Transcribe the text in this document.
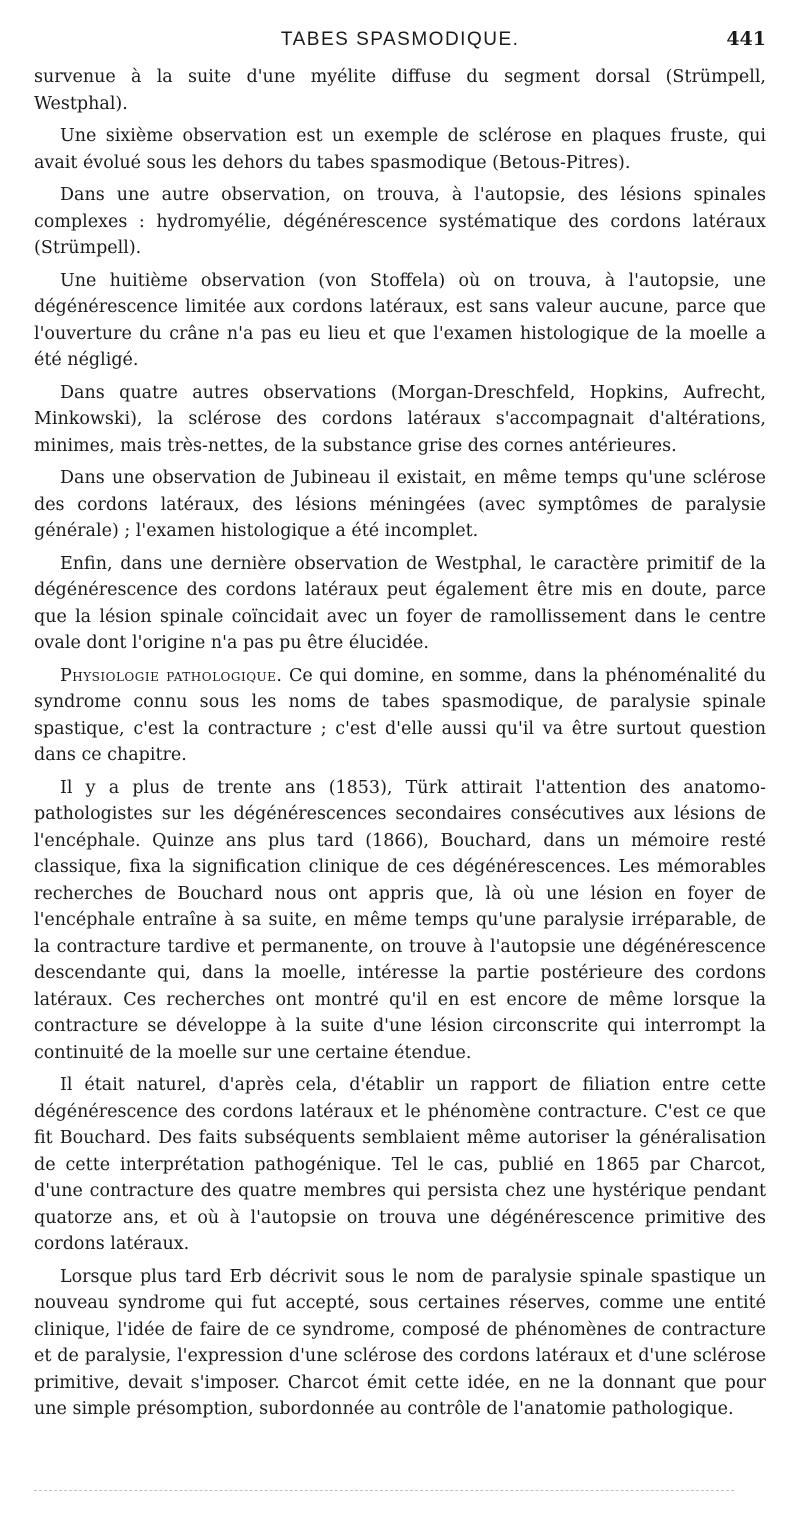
TABES SPASMODIQUE.	441

survenue à la suite d'une myélite diffuse du segment dorsal (Strümpell, Westphal).

Une sixième observation est un exemple de sclérose en plaques fruste, qui avait évolué sous les dehors du tabes spasmodique (Betous-Pitres).

Dans une autre observation, on trouva, à l'autopsie, des lésions spinales complexes : hydromyélie, dégénérescence systématique des cordons latéraux (Strümpell).

Une huitième observation (von Stoffela) où on trouva, à l'autopsie, une dégénérescence limitée aux cordons latéraux, est sans valeur aucune, parce que l'ouverture du crâne n'a pas eu lieu et que l'examen histologique de la moelle a été négligé.

Dans quatre autres observations (Morgan-Dreschfeld, Hopkins, Aufrecht, Minkowski), la sclérose des cordons latéraux s'accompagnait d'altérations, minimes, mais très-nettes, de la substance grise des cornes antérieures.

Dans une observation de Jubineau il existait, en même temps qu'une sclérose des cordons latéraux, des lésions méningées (avec symptômes de paralysie générale) ; l'examen histologique a été incomplet.

Enfin, dans une dernière observation de Westphal, le caractère primitif de la dégénérescence des cordons latéraux peut également être mis en doute, parce que la lésion spinale coïncidait avec un foyer de ramollissement dans le centre ovale dont l'origine n'a pas pu être élucidée.

Physiologie pathologique. Ce qui domine, en somme, dans la phénoménalité du syndrome connu sous les noms de tabes spasmodique, de paralysie spinale spastique, c'est la contracture ; c'est d'elle aussi qu'il va être surtout question dans ce chapitre.

Il y a plus de trente ans (1853), Türk attirait l'attention des anatomo-pathologistes sur les dégénérescences secondaires consécutives aux lésions de l'encéphale. Quinze ans plus tard (1866), Bouchard, dans un mémoire resté classique, fixa la signification clinique de ces dégénérescences. Les mémorables recherches de Bouchard nous ont appris que, là où une lésion en foyer de l'encéphale entraîne à sa suite, en même temps qu'une paralysie irréparable, de la contracture tardive et permanente, on trouve à l'autopsie une dégénérescence descendante qui, dans la moelle, intéresse la partie postérieure des cordons latéraux. Ces recherches ont montré qu'il en est encore de même lorsque la contracture se développe à la suite d'une lésion circonscrite qui interrompt la continuité de la moelle sur une certaine étendue.

Il était naturel, d'après cela, d'établir un rapport de filiation entre cette dégénérescence des cordons latéraux et le phénomène contracture. C'est ce que fit Bouchard. Des faits subséquents semblaient même autoriser la généralisation de cette interprétation pathogénique. Tel le cas, publié en 1865 par Charcot, d'une contracture des quatre membres qui persista chez une hystérique pendant quatorze ans, et où à l'autopsie on trouva une dégénérescence primitive des cordons latéraux.

Lorsque plus tard Erb décrivit sous le nom de paralysie spinale spastique un nouveau syndrome qui fut accepté, sous certaines réserves, comme une entité clinique, l'idée de faire de ce syndrome, composé de phénomènes de contracture et de paralysie, l'expression d'une sclérose des cordons latéraux et d'une sclérose primitive, devait s'imposer. Charcot émit cette idée, en ne la donnant que pour une simple présomption, subordonnée au contrôle de l'anatomie pathologique.
